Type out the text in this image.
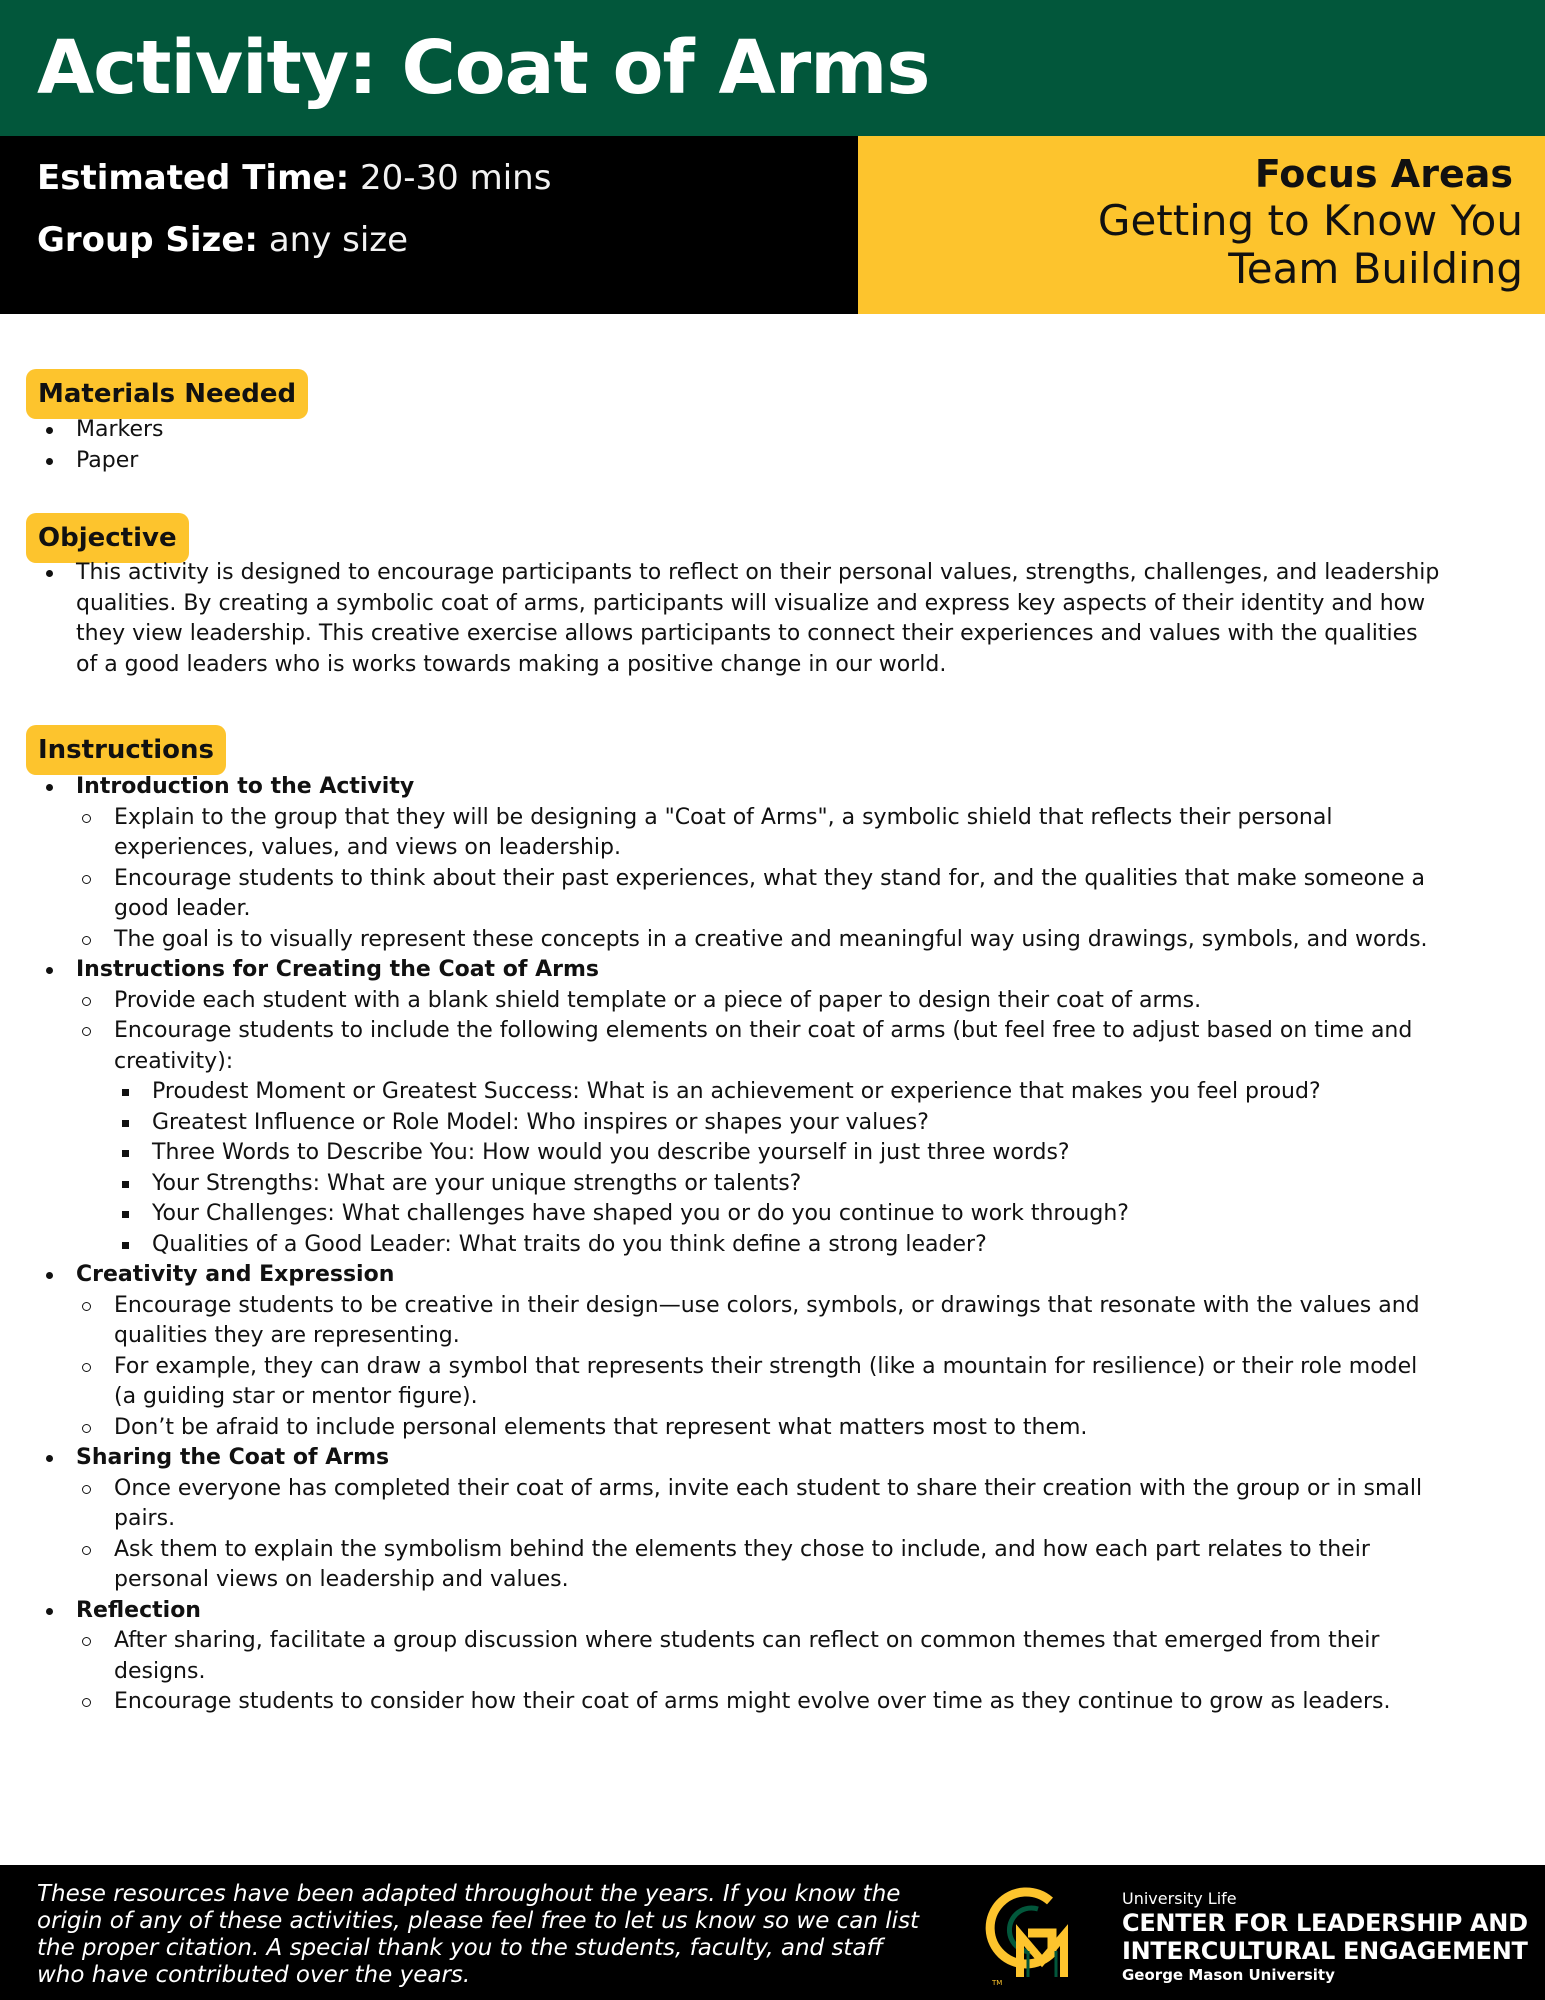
Activity: Coat of Arms
Estimated Time: 20-30 mins
Group Size: any size
Focus Areas
Getting to Know You
Team Building
Materials Needed
Markers
Paper
Objective
This activity is designed to encourage participants to reflect on their personal values, strengths, challenges, and leadership qualities. By creating a symbolic coat of arms, participants will visualize and express key aspects of their identity and how they view leadership. This creative exercise allows participants to connect their experiences and values with the qualities of a good leaders who is works towards making a positive change in our world.
Instructions
Introduction to the Activity
Explain to the group that they will be designing a "Coat of Arms", a symbolic shield that reflects their personal experiences, values, and views on leadership.
Encourage students to think about their past experiences, what they stand for, and the qualities that make someone a good leader.
The goal is to visually represent these concepts in a creative and meaningful way using drawings, symbols, and words.
Instructions for Creating the Coat of Arms
Provide each student with a blank shield template or a piece of paper to design their coat of arms.
Encourage students to include the following elements on their coat of arms (but feel free to adjust based on time and creativity):
Proudest Moment or Greatest Success: What is an achievement or experience that makes you feel proud?
Greatest Influence or Role Model: Who inspires or shapes your values?
Three Words to Describe You: How would you describe yourself in just three words?
Your Strengths: What are your unique strengths or talents?
Your Challenges: What challenges have shaped you or do you continue to work through?
Qualities of a Good Leader: What traits do you think define a strong leader?
Creativity and Expression
Encourage students to be creative in their design—use colors, symbols, or drawings that resonate with the values and qualities they are representing.
For example, they can draw a symbol that represents their strength (like a mountain for resilience) or their role model (a guiding star or mentor figure).
Don’t be afraid to include personal elements that represent what matters most to them.
Sharing the Coat of Arms
Once everyone has completed their coat of arms, invite each student to share their creation with the group or in small pairs.
Ask them to explain the symbolism behind the elements they chose to include, and how each part relates to their personal views on leadership and values.
Reflection
After sharing, facilitate a group discussion where students can reflect on common themes that emerged from their designs.
Encourage students to consider how their coat of arms might evolve over time as they continue to grow as leaders.
These resources have been adapted throughout the years. If you know the origin of any of these activities, please feel free to let us know so we can list the proper citation. A special thank you to the students, faculty, and staff who have contributed over the years.	TM
University Life
CENTER FOR LEADERSHIP AND
INTERCULTURAL ENGAGEMENT
George Mason University
